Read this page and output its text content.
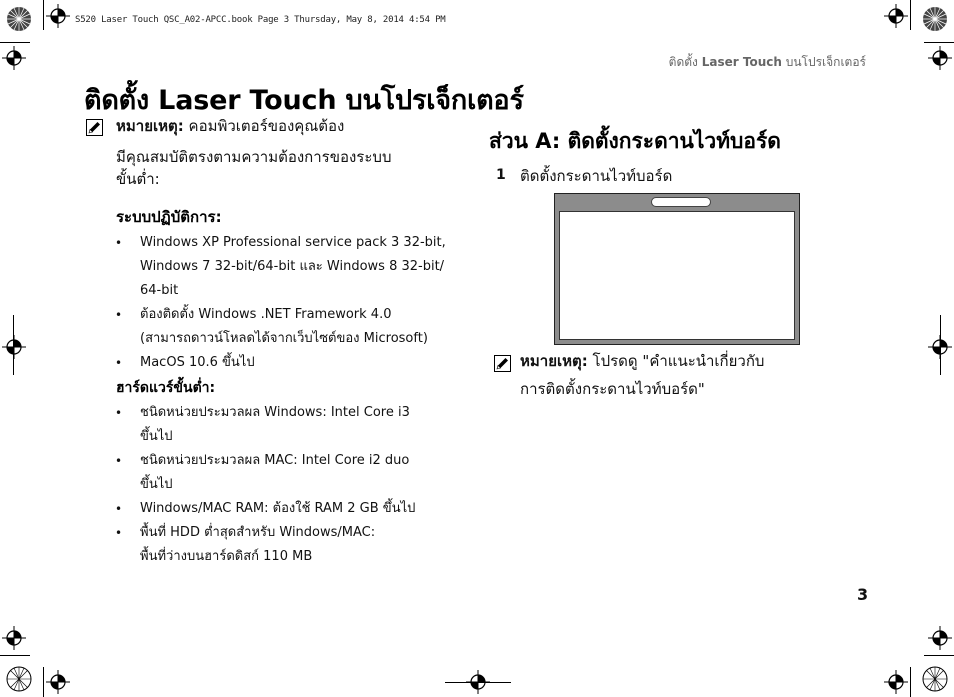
S520 Laser Touch QSC_A02-APCC.book Page 3 Thursday, May 8, 2014 4:54 PM
ติดตั้ง Laser Touch บนโปรเจ็กเตอร์
ติดตั้ง Laser Touch บนโปรเจ็กเตอร์
หมายเหตุ: คอมพิวเตอร์ของคุณต้อง
มีคุณสมบัติตรงตามความต้องการของระบบ
ขั้นต่ำ:
ระบบปฏิบัติการ:
• Windows XP Professional service pack 3 32-bit,
Windows 7 32-bit/64-bit และ Windows 8 32-bit/
64-bit
• ต้องติดตั้ง Windows .NET Framework 4.0
(สามารถดาวน์โหลดได้จากเว็บไซต์ของ Microsoft)
• MacOS 10.6 ขึ้นไป
ฮาร์ดแวร์ขั้นต่ำ:
• ชนิดหน่วยประมวลผล Windows: Intel Core i3
ขึ้นไป
• ชนิดหน่วยประมวลผล MAC: Intel Core i2 duo
ขึ้นไป
• Windows/MAC RAM: ต้องใช้ RAM 2 GB ขึ้นไป
• พื้นที่ HDD ต่ำสุดสำหรับ Windows/MAC:
พื้นที่ว่างบนฮาร์ดดิสก์ 110 MB
ส่วน A: ติดตั้งกระดานไวท์บอร์ด
1 ติดตั้งกระดานไวท์บอร์ด
หมายเหตุ: โปรดดู "คำแนะนำเกี่ยวกับ
การติดตั้งกระดานไวท์บอร์ด"
3
